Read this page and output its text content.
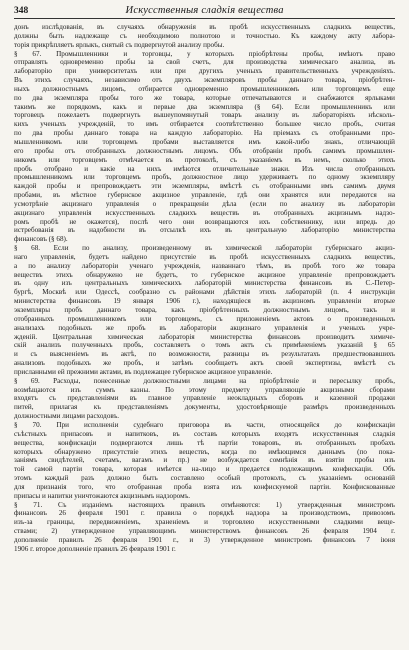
348	Искусственныя сладкія вещества
донъ изслѣдованія, въ случаяхъ обнаруженія въ пробѣ искусственныхъ сладкихъ веществъ,
должны быть надлежаще съ необходимою полнотою и точностью. Къ каждому акту лабора-
торія прикрѣпляетъ ярлыкъ, снятый съ подвергнутой анализу пробы.
§ 67. Промышленники и торговцы, у которыхъ пріобрѣтены пробы, имѣютъ право
отправлять одновременно пробы за свой счетъ, для производства химическаго анализа, въ
лабораторію при университетахъ или при другихъ ученыхъ правительственныхъ учрежденіяхъ.
Въ этихъ случаяхъ, независимо отъ двухъ экземпляровъ пробы даннаго товара, пріобрѣтен-
ныхъ должностнымъ лицомъ, отбирается одновременно промышленникомъ или торговцемъ еще
по два экземпляра пробы того же товара, которые отпечатываются и снабжаются ярлыками
такимъ же порядкомъ, какъ и первые два экземпляра (§ 64). Если промышленникъ или
торговецъ пожелаетъ подвергнуть вышеупомянутый товаръ анализу въ лабораторіяхъ нѣсколь-
кихъ ученыхъ учрежденій, то имъ отбирается соотвѣтственно большее число пробъ, считая
по два пробы даннаго товара на каждую лабораторію. На пріемахъ съ отобранными про-
мышленникомъ или торговцемъ пробами выставляется имъ какой-либо знакъ, отличающій
его пробы отъ отобранныхъ должностнымъ лицомъ. Объ отобраніи пробъ самимъ промышлен-
никомъ или торговцемъ отмѣчается въ протоколѣ, съ указаніемъ въ немъ, сколько этихъ
пробъ отобрано и какіе на нихъ имѣются отличительные знаки. Изъ числа отобранныхъ
промышленникомъ или торговцемъ пробъ, должностное лицо удерживаетъ по одному экземпляру
каждой пробы и препровождаетъ эти экземпляры, вмѣстѣ съ отобранными имъ самимъ двумя
пробами, въ мѣстное губернское акцизное управленіе, гдѣ они хранятся или передаются на
усмотрѣніе акцизнаго управленія о прекращеніи дѣла (если по анализу въ лабораторіи
акцизнаго управленія искусственныхъ сладкихъ веществъ въ отобранныхъ акцизнымъ надзо-
ромъ пробѣ не окажется), послѣ чего они возвращаются ихъ собственнику, или впредь до
истребованія въ надобности въ отсылкѣ ихъ въ центральную лабораторію министерства
финансовъ (§ 68).
§ 68. Если по анализу, произведенному въ химической лабораторіи губернскаго акциз-
наго управленія, будетъ найдено присутствіе въ пробѣ искусственныхъ сладкихъ веществъ,
а по анализу лабораторіи ученаго учрежденія, названнаго тѣмъ, въ пробѣ того же товара
веществъ этихъ обнаружено не будетъ, то губернское акцизное управленіе препровождаетъ
въ одну изъ центральныхъ химическихъ лабораторій министерства финансовъ въ С.-Петер-
бургѣ, Москвѣ или Одессѣ, сообразно съ районами дѣйствія этихъ лабораторій (п. 4 инструкціи
министерства финансовъ 19 января 1906 г.), находящіеся въ акцизномъ управленіи вторые
экземпляры пробъ даннаго товара, какъ пріобрѣтенныхъ должностнымъ лицомъ, такъ и
отобранныхъ промышленникомъ или торговцемъ, съ приложеніемъ актовъ о произведенныхъ
анализахъ подобныхъ же пробъ въ лабораторіи акцизнаго управленія и ученыхъ учре-
жденій. Центральная химическая лабораторія министерства финансовъ производитъ химиче-
скій анализъ полученныхъ пробъ, составляетъ о томъ актъ съ примѣненіемъ указаній § 65
и съ выясненіемъ въ актѣ, по возможности, разницы въ результатахъ предшествовавшихъ
анализовъ подобныхъ же пробъ, и затѣмъ сообщаетъ актъ своей экспертизы, вмѣстѣ съ
присланными ей прежними актами, въ подлежащее губернское акцизное управленіе.
§ 69. Расходы, понесенные должностными лицами на пріобрѣтеніе и пересылку пробъ,
возмѣщаются изъ суммъ казны. По этому предмету управляющіе акцизными сборами
входятъ съ представленіями въ главное управленіе неокладныхъ сборовъ и казенной продажи
питей, прилагая къ представленіямъ документы, удостовѣряющіе размѣръ произведенныхъ
должностными лицами расходовъ.
§ 70. При исполненіи судебнаго приговора въ части, относящейся до конфискаціи
съѣстныхъ припасовъ и напитковъ, въ составъ которыхъ входятъ искусственныя сладкія
вещества, конфискаціи подвергаются лишь тѣ партіи товаровъ, въ отобранныхъ пробахъ
которыхъ обнаружено присутствіе этихъ веществъ, когда по имѣющимся даннымъ (по пока-
заніямъ свидѣтелей, счетамъ, вагамъ и пр.) не возбуждается сомнѣнія въ взятіи пробы изъ
той самой партіи товара, которая имѣется на-лицо и предается подлежащимъ конфискаціи. Объ
этомъ каждый разъ должно быть составлено особый протоколъ, съ указаніемъ основаній
для признанія того, что отобранная проба взята изъ конфискуемой партіи. Конфискованные
припасы и напитки уничтожаются акцизнымъ надзоромъ.
§ 71. Съ изданіемъ настоящихъ правилъ отмѣняются: 1) утвержденныя министромъ
финансовъ 26 февраля 1901 г. правила о порядкѣ надзора за производствомъ, привозомъ
изъ-за границы, передвиженіемъ, храненіемъ и торговлею искусственными сладкими веще-
ствами; 2) утвержденное управляющимъ министерствомъ финансовъ 26 февраля 1904 г.
дополненіе правилъ 26 февраля 1901 г., и 3) утвержденное министромъ финансовъ 7 іюня
1906 г. второе дополненіе правилъ 26 февраля 1901 г.
